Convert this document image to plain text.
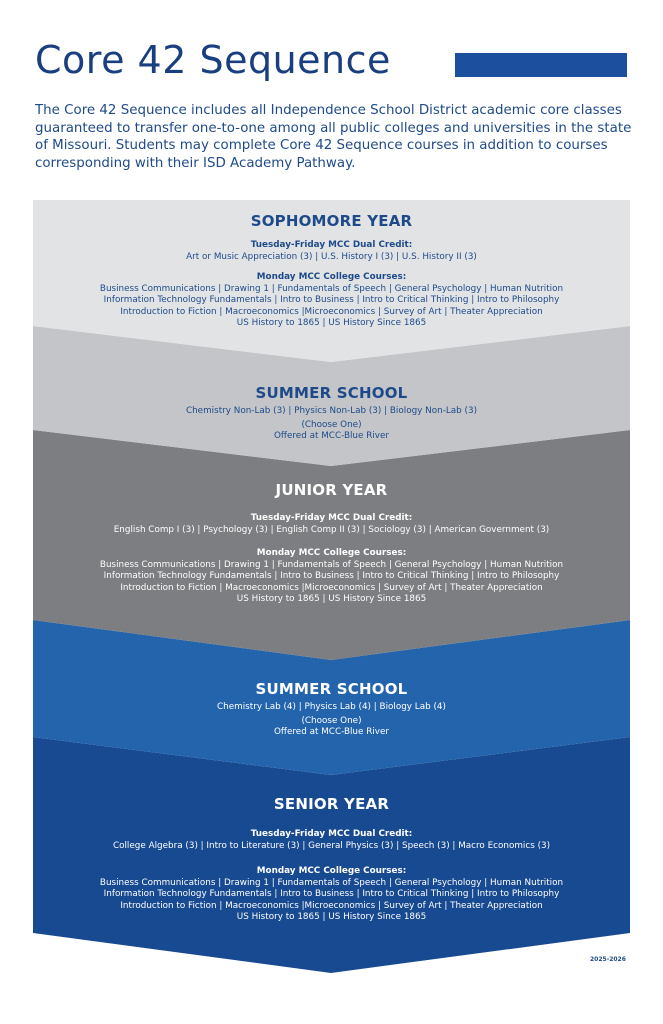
Core 42 Sequence
The Core 42 Sequence includes all Independence School District academic core classes guaranteed to transfer one-to-one among all public colleges and universities in the state of Missouri. Students may complete Core 42 Sequence courses in addition to courses corresponding with their ISD Academy Pathway.
SOPHOMORE YEAR
Tuesday-Friday MCC Dual Credit:
Art or Music Appreciation (3) | U.S. History I (3) | U.S. History II (3)
Monday MCC College Courses:
Business Communications | Drawing 1 | Fundamentals of Speech | General Psychology | Human Nutrition
Information Technology Fundamentals | Intro to Business | Intro to Critical Thinking | Intro to Philosophy
Introduction to Fiction | Macroeconomics |Microeconomics | Survey of Art | Theater Appreciation
US History to 1865 | US History Since 1865
SUMMER SCHOOL
Chemistry Non-Lab (3) | Physics Non-Lab (3) | Biology Non-Lab (3)
(Choose One)
Offered at MCC-Blue River
JUNIOR YEAR
Tuesday-Friday MCC Dual Credit:
English Comp I (3) | Psychology (3) | English Comp II (3) | Sociology (3) | American Government (3)
Monday MCC College Courses:
Business Communications | Drawing 1 | Fundamentals of Speech | General Psychology | Human Nutrition
Information Technology Fundamentals | Intro to Business | Intro to Critical Thinking | Intro to Philosophy
Introduction to Fiction | Macroeconomics |Microeconomics | Survey of Art | Theater Appreciation
US History to 1865 | US History Since 1865
SUMMER SCHOOL
Chemistry Lab (4) | Physics Lab (4) | Biology Lab (4)
(Choose One)
Offered at MCC-Blue River
SENIOR YEAR
Tuesday-Friday MCC Dual Credit:
College Algebra (3) | Intro to Literature (3) | General Physics (3) | Speech (3) | Macro Economics (3)
Monday MCC College Courses:
Business Communications | Drawing 1 | Fundamentals of Speech | General Psychology | Human Nutrition
Information Technology Fundamentals | Intro to Business | Intro to Critical Thinking | Intro to Philosophy
Introduction to Fiction | Macroeconomics |Microeconomics | Survey of Art | Theater Appreciation
US History to 1865 | US History Since 1865
2025-2026
